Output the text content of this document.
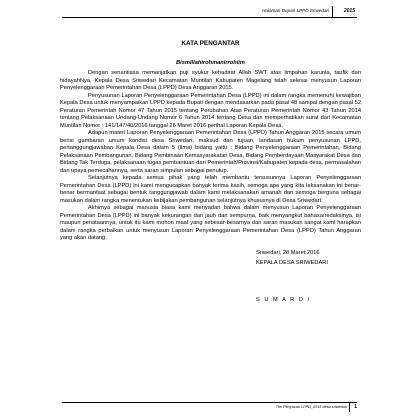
Halaman Depan LPPD Sriwedari	2015
KATA PENGANTAR
Bismillahirohmanirrohiim

Dengan senantiasa memanjatkan puji syukur kehadirat Allah SWT atas limpahan karunia, taufik dan hidayahNya, Kepala Desa Sriwedari Kecamatan Muntilan Kabupaten Magelang telah selesai menyusun Laporan Penyelenggaraan Pemerintahan Desa (LPPD) Desa Anggaran 2015.

Penyusunan Laporan Penyelenggaraan Pemerintahan Desa (LPPD) ini dalam rangka memenuhi kewajiban Kepala Desa untuk menyampaikan LPPD kepada Bupati dengan mendasarkan pada pasal 48 sampai dengan pasal 52 Peraturan Pemerintah Nomor 47 Tahun 2015 tentang Perubahan Atas Peraturan Pemerintah Nomor 43 Tahun 2014 tentang Pelaksanaan Undang-Undang Nomor 6 Tahun 2014 tentang Desa dan memperhatikan surat dari Kecamatan Muntilan Nomor : 141/147/40/2016 tanggal 26 Maret 2016 perihal Laporan Kepala Desa.

Adapun materi Laporan Penyelenggaraan Pemerintahan Desa (LPPD) Tahun Anggaran 2015 secara umum berisi gambaran umum kondisi desa Sriwedari, maksud dan tujuan, landasan hukum penyusunan LPPD, pertanggungjawaban Kepala Desa dalam 5 (lima) bidang yaitu : Bidang Penyelenggaraan Pemerintahan, Bidang Pelaksanaan Pembangunan, Bidang Pembinaan Kemasyarakatan Desa, Bidang Pemberdayaan Masyarakat Desa dan Bidang Tak Terduga, pelaksanaan tugas pembantuan dari Pemerintah/Provinsi/Kabupaten kepada desa, permasalahan dan upaya pemecahannya, serta saran simpulan sebagai penutup.

Selanjutnya kepada semua pihak yang telah membantu tersusunnya Laporan Penyelenggaraan Pemerintahan Desa (LPPD) ini kami mengucapkan banyak terima kasih, semoga apa yang kita laksanakan ini benar-benar bermanfaat sebagai bentuk tanggungjawab dalam kami melaksanakan amanah dan semoga berguna sebagai masukan dalam rangka menentukan kebijakan pembangunan selanjutnya khususnya di Desa Sriwedari.

Akhirnya sebagai manusia biasa kami menyadari bahwa dalam menyusun Laporan Penyelenggaraan Pemerintahan Desa (LPPD) ini banyak kekurangan dan jauh dari sempurna, baik menyangkut bahasa/redaksinya, isi maupun penataannya, untuk itu kami mohon maaf yang sebesar-besarnya dan saran masukan sangat kami harapkan dalam rangka perbaikan untuk menyusun Laporan Penyelenggaraan Pemerintahan Desa (LPPD) Tahun Anggaran yang akan datang.

Sriwedari, 28 Maret 2016
KEPALA DESA SRIWEDARI
S U M A R D I
Tim Penyusun LPPD_2015 desa sriwedari 1
